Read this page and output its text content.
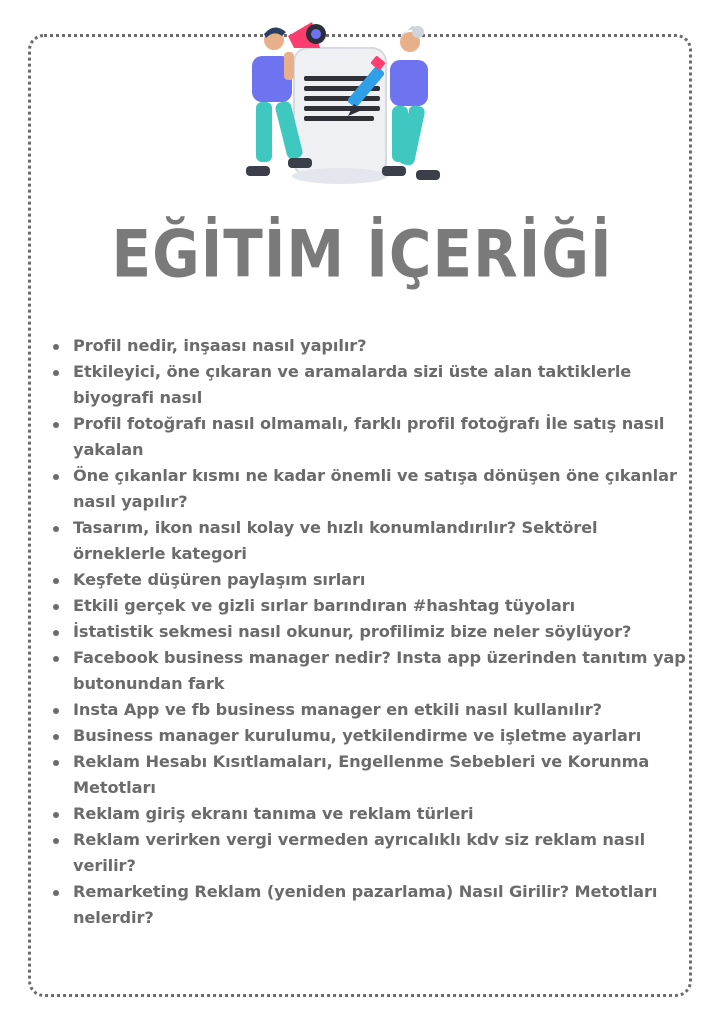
EĞİTİM İÇERİĞİ
Profil nedir, inşaası nasıl yapılır?
Etkileyici, öne çıkaran ve aramalarda sizi üste alan taktiklerle biyografi nasıl
Profil fotoğrafı nasıl olmamalı, farklı profil fotoğrafı İle satış nasıl yakalan
Öne çıkanlar kısmı ne kadar önemli ve satışa dönüşen öne çıkanlar nasıl yapılır?
Tasarım, ikon nasıl kolay ve hızlı konumlandırılır? Sektörel örneklerle kategori
Keşfete düşüren paylaşım sırları
Etkili gerçek ve gizli sırlar barındıran #hashtag tüyoları
İstatistik sekmesi nasıl okunur, profilimiz bize neler söylüyor?
Facebook business manager nedir? Insta app üzerinden tanıtım yap butonundan fark
Insta App ve fb business manager en etkili nasıl kullanılır?
Business manager kurulumu, yetkilendirme ve işletme ayarları
Reklam Hesabı Kısıtlamaları, Engellenme Sebebleri ve Korunma Metotları
Reklam giriş ekranı tanıma ve reklam türleri
Reklam verirken vergi vermeden ayrıcalıklı kdv siz reklam nasıl verilir?
Remarketing Reklam (yeniden pazarlama) Nasıl Girilir? Metotları nelerdir?
